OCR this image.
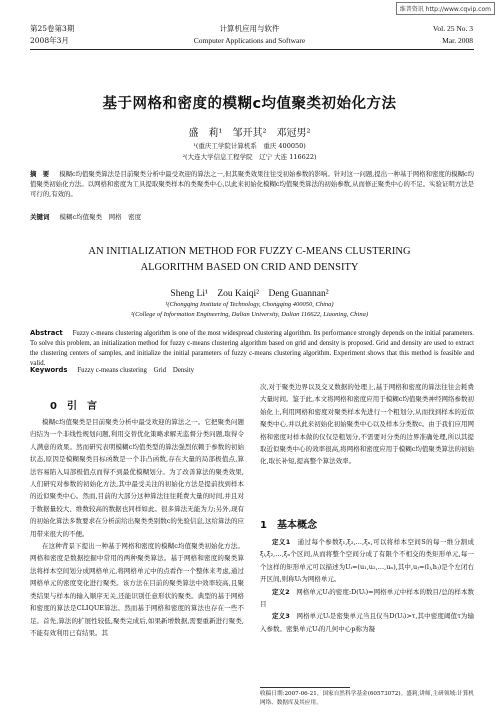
维普资讯 http://www.cqvip.com
第25卷第3期
2008年3月
计算机应用与软件
Computer Applications and Software
Vol. 25 No. 3
Mar. 2008
基于网格和密度的模糊c均值聚类初始化方法
盛　莉¹　邹开其²　邓冠男²
¹(重庆工学院计算机系　重庆 400050)
²(大连大学信息工程学院　辽宁 大连 116622)
摘　要 模糊c均值聚类算法是目前聚类分析中最受欢迎的算法之一,但其聚类效果往往受初始参数的影响。针对这一问题,提出一种基于网格和密度的模糊c均值聚类初始化方法。以网格和密度为工具提取聚类样本的类聚类中心,以此来初始化模糊c均值聚类算法的初始参数,从而修正聚类中心的不足。实验证明方法是可行的,有效的。
关键词 模糊c均值聚类　网格　密度
AN INITIALIZATION METHOD FOR FUZZY C-MEANS CLUSTERING
ALGORITHM BASED ON CRID AND DENSITY
Sheng Li¹　Zou Kaiqi²　Deng Guannan²
¹(Chongqing Institute of Technology, Chongqing 400050, China)
²(College of Information Engineering, Dalian University, Dalian 116622, Liaoning, China)
Abstract Fuzzy c-means clustering algorithm is one of the most widespread clustering algorithm. Its performance strongly depends on the initial parameters. To solve this problem, an initialization method for fuzzy c-means clustering algorithm based on grid and density is proposed. Grid and density are used to extract the clustering centers of samples, and initialize the initial parameters of fuzzy c-means clustering algorithm. Experiment shows that this method is feasible and valid.
Keywords Fuzzy c-means clustering　Grid　Density
0　引　言

模糊c均值聚类是目前聚类分析中最受欢迎的算法之一。它把聚类问题归结为一个非线性规划问题,利用交替优化策略求解无监督分类问题,取得令人满意的效果。然而研究表明模糊c均值类型的算法强烈依赖于参数的初始状态,原因是模糊聚类目标函数是一个非凸函数,存在大量的局部极值点,算法容易陷入局部极值点而得不到最优模糊划分。为了改善算法的聚类效果,人们研究对参数的初始化方法,其中最受关注的初始化方法是提前找到样本的近似聚类中心。然而,目前的大部分这种算法往往耗费大量的时间,并且对于数据量较大、维数较高的数据也同样如此。很多算法无能为力;另外,现有的初始化算法多数要求在分析前给出聚类类别数c的先验信息,这给算法的应用带来很大的不便。

在这种背景下提出一种基于网格和密度的模糊c均值聚类初始化方法。网格和密度是数据挖掘中常用的两种聚类算法。基于网格和密度的聚类算法将样本空间划分成网格单元,将网格单元中的点看作一个整体来考虑,通过网格单元的密度变化进行聚类。该方法在目前的聚类算法中效率较高,且聚类结果与样本的输入顺序无关,还能识别任意形状的聚类。典型的基于网格和密度的算法是CLIQUE算法。然而基于网格和密度的算法也存在一些不足。首先,算法的扩展性较低,聚类完成后,如果新增数据,需要重新进行聚类,不能有效利用已有结果。其

次,对于聚类边界以及交叉数据的处理上,基于网格和密度的算法往往会耗费大量时间。鉴于此,本文将网格和密度应用于模糊c均值聚类神经网络参数初始化上,利用网格和密度对聚类样本先进行一个粗划分,从而找到样本的近似聚类中心,并以此来初始化初始聚类中心以及样本分类数c。由于我们应用网格和密度对样本做的仅仅是粗划分,不需要对分类的边界准确处理,所以其提取近似聚类中心的效率很高,将网格和密度应用于模糊c均值聚类算法的初始化,取长补短,提高整个算法效率。

1　基本概念

定义1　 通过每个参数ξ₁,ξ₂,…,ξₙ,可以将样本空间S的每一维分割成ξᵢ,ξ₂,…,ξₙ个区间,从而将整个空间分成了有限个不相交的类矩形单元,每一个这样的矩形单元可以描述为Uᵢ=(u₁,u₂,…,uₙ),其中,uⱼ=(lⱼ,hⱼ)是个左闭右开区间,则称Uᵢ为网格单元。

定义2　 网格单元Uᵢ的密度:D(Uᵢ)=网格单元中样本的数目/总的样本数目

定义3　 网格单元Uᵢ是密集单元当且仅当D(Uᵢ)>τ,其中密度阈值τ为输入参数。密集单元Uᵢ的几何中心p称为凝

收稿日期:2007-06-21。国家自然科学基金(60573072)。盛莉,讲师,主研领域:计算机网络、数据库及其应用。
